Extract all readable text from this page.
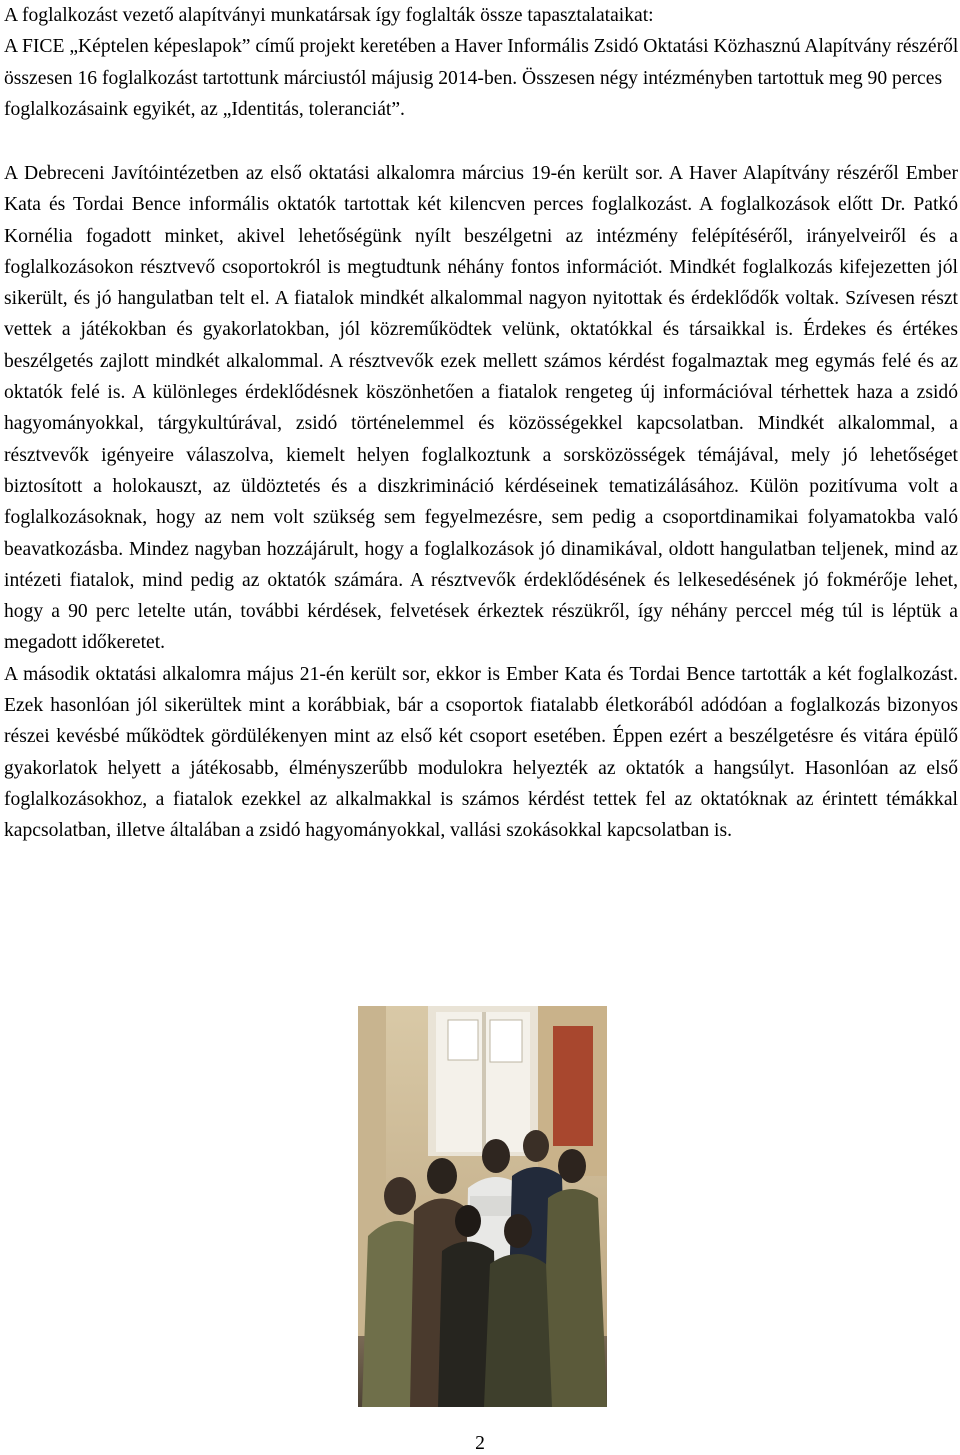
A foglalkozást vezető alapítványi munkatársak így foglalták össze tapasztalataikat:

A FICE „Képtelen képeslapok” című projekt keretében a Haver Informális Zsidó Oktatási Közhasznú Alapítvány részéről összesen 16 foglalkozást tartottunk márciustól májusig 2014-ben. Összesen négy intézményben tartottuk meg 90 perces foglalkozásaink egyikét, az „Identitás, toleranciát”.

A Debreceni Javítóintézetben az első oktatási alkalomra március 19-én került sor. A Haver Alapítvány részéről Ember Kata és Tordai Bence informális oktatók tartottak két kilencven perces foglalkozást. A foglalkozások előtt Dr. Patkó Kornélia fogadott minket, akivel lehetőségünk nyílt beszélgetni az intézmény felépítéséről, irányelveiről és a foglalkozásokon résztvevő csoportokról is megtudtunk néhány fontos információt. Mindkét foglalkozás kifejezetten jól sikerült, és jó hangulatban telt el. A fiatalok mindkét alkalommal nagyon nyitottak és érdeklődők voltak. Szívesen részt vettek a játékokban és gyakorlatokban, jól közreműködtek velünk, oktatókkal és társaikkal is. Érdekes és értékes beszélgetés zajlott mindkét alkalommal. A résztvevők ezek mellett számos kérdést fogalmaztak meg egymás felé és az oktatók felé is. A különleges érdeklődésnek köszönhetően a fiatalok rengeteg új információval térhettek haza a zsidó hagyományokkal, tárgykultúrával, zsidó történelemmel és közösségekkel kapcsolatban. Mindkét alkalommal, a résztvevők igényeire válaszolva, kiemelt helyen foglalkoztunk a sorsközösségek témájával, mely jó lehetőséget biztosított a holokauszt, az üldöztetés és a diszkrimináció kérdéseinek tematizálásához. Külön pozitívuma volt a foglalkozásoknak, hogy az nem volt szükség sem fegyelmezésre, sem pedig a csoportdinamikai folyamatokba való beavatkozásba. Mindez nagyban hozzájárult, hogy a foglalkozások jó dinamikával, oldott hangulatban teljenek, mind az intézeti fiatalok, mind pedig az oktatók számára. A résztvevők érdeklődésének és lelkesedésének jó fokmérője lehet, hogy a 90 perc letelte után, további kérdések, felvetések érkeztek részükről, így néhány perccel még túl is léptük a megadott időkeretet.

A második oktatási alkalomra május 21-én került sor, ekkor is Ember Kata és Tordai Bence tartották a két foglalkozást. Ezek hasonlóan jól sikerültek mint a korábbiak, bár a csoportok fiatalabb életkorából adódóan a foglalkozás bizonyos részei kevésbé működtek gördülékenyen mint az első két csoport esetében. Éppen ezért a beszélgetésre és vitára épülő gyakorlatok helyett a játékosabb, élményszerűbb modulokra helyezték az oktatók a hangsúlyt. Hasonlóan az első foglalkozásokhoz, a fiatalok ezekkel az alkalmakkal is számos kérdést tettek fel az oktatóknak az érintett témákkal kapcsolatban, illetve általában a zsidó hagyományokkal, vallási szokásokkal kapcsolatban is.

2
